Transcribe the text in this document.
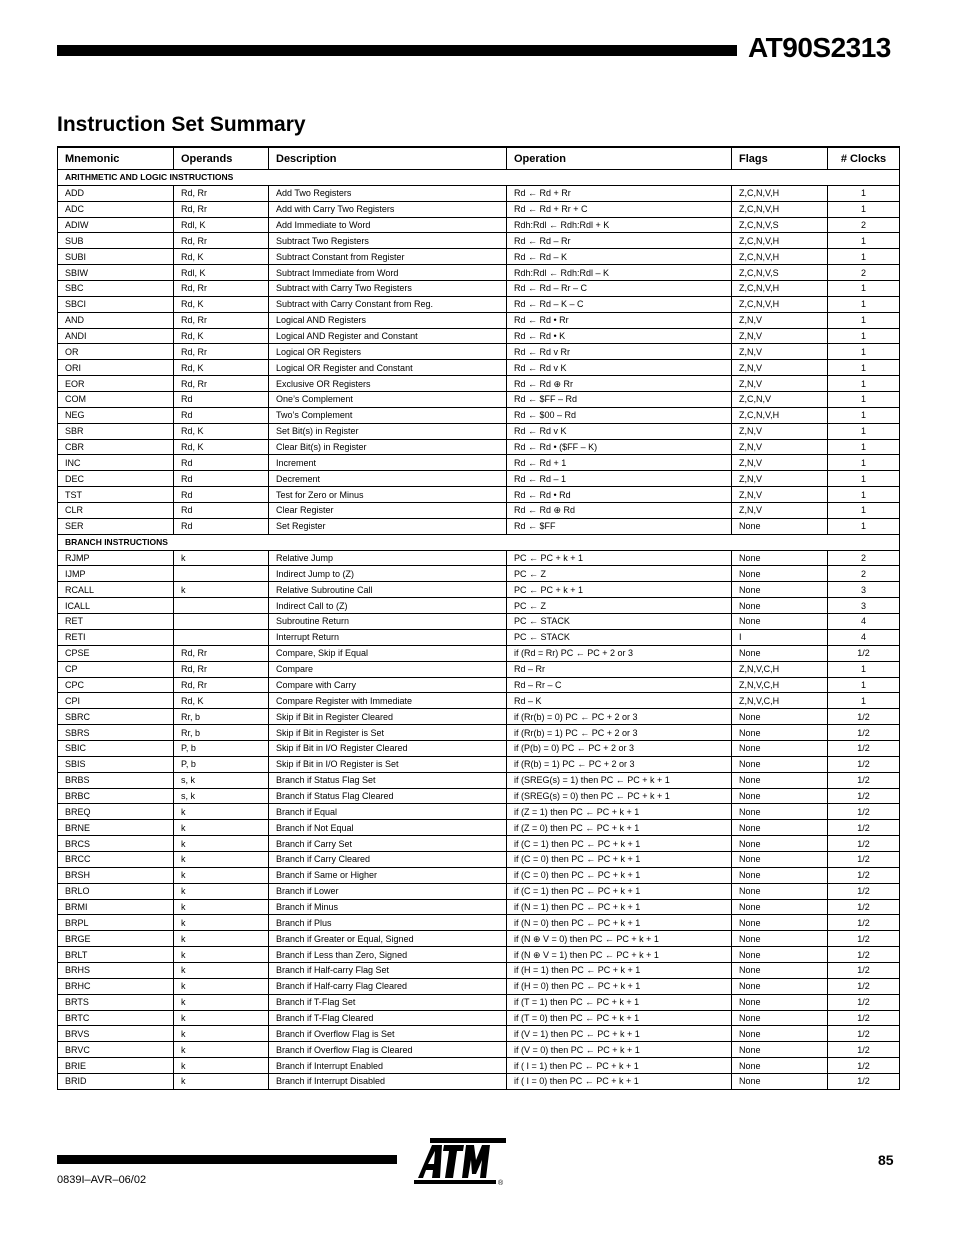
AT90S2313
Instruction Set Summary
Mnemonic	Operands	Description	Operation	Flags	# Clocks
ARITHMETIC AND LOGIC INSTRUCTIONS					
ADD	Rd, Rr	Add Two Registers	Rd ← Rd + Rr	Z,C,N,V,H	1
ADC	Rd, Rr	Add with Carry Two Registers	Rd ← Rd + Rr + C	Z,C,N,V,H	1
ADIW	Rdl, K	Add Immediate to Word	Rdh:Rdl ← Rdh:Rdl + K	Z,C,N,V,S	2
SUB	Rd, Rr	Subtract Two Registers	Rd ← Rd – Rr	Z,C,N,V,H	1
SUBI	Rd, K	Subtract Constant from Register	Rd ← Rd – K	Z,C,N,V,H	1
SBIW	Rdl, K	Subtract Immediate from Word	Rdh:Rdl ← Rdh:Rdl – K	Z,C,N,V,S	2
SBC	Rd, Rr	Subtract with Carry Two Registers	Rd ← Rd – Rr – C	Z,C,N,V,H	1
SBCI	Rd, K	Subtract with Carry Constant from Reg.	Rd ← Rd – K – C	Z,C,N,V,H	1
AND	Rd, Rr	Logical AND Registers	Rd ← Rd • Rr	Z,N,V	1
ANDI	Rd, K	Logical AND Register and Constant	Rd ← Rd • K	Z,N,V	1
OR	Rd, Rr	Logical OR Registers	Rd ← Rd v Rr	Z,N,V	1
ORI	Rd, K	Logical OR Register and Constant	Rd ← Rd v K	Z,N,V	1
EOR	Rd, Rr	Exclusive OR Registers	Rd ← Rd ⊕ Rr	Z,N,V	1
COM	Rd	One’s Complement	Rd ← $FF – Rd	Z,C,N,V	1
NEG	Rd	Two’s Complement	Rd ← $00 – Rd	Z,C,N,V,H	1
SBR	Rd, K	Set Bit(s) in Register	Rd ← Rd v K	Z,N,V	1
CBR	Rd, K	Clear Bit(s) in Register	Rd ← Rd • ($FF – K)	Z,N,V	1
INC	Rd	Increment	Rd ← Rd + 1	Z,N,V	1
DEC	Rd	Decrement	Rd ← Rd – 1	Z,N,V	1
TST	Rd	Test for Zero or Minus	Rd ← Rd • Rd	Z,N,V	1
CLR	Rd	Clear Register	Rd ← Rd ⊕ Rd	Z,N,V	1
SER	Rd	Set Register	Rd ← $FF	None	1
BRANCH INSTRUCTIONS					
RJMP	k	Relative Jump	PC ← PC + k + 1	None	2
IJMP		Indirect Jump to (Z)	PC ← Z	None	2
RCALL	k	Relative Subroutine Call	PC ← PC + k + 1	None	3
ICALL		Indirect Call to (Z)	PC ← Z	None	3
RET		Subroutine Return	PC ← STACK	None	4
RETI		Interrupt Return	PC ← STACK	I	4
CPSE	Rd, Rr	Compare, Skip if Equal	if (Rd = Rr) PC ← PC + 2 or 3	None	1/2
CP	Rd, Rr	Compare	Rd – Rr	Z,N,V,C,H	1
CPC	Rd, Rr	Compare with Carry	Rd – Rr – C	Z,N,V,C,H	1
CPI	Rd, K	Compare Register with Immediate	Rd – K	Z,N,V,C,H	1
SBRC	Rr, b	Skip if Bit in Register Cleared	if (Rr(b) = 0) PC ← PC + 2 or 3	None	1/2
SBRS	Rr, b	Skip if Bit in Register is Set	if (Rr(b) = 1) PC ← PC + 2 or 3	None	1/2
SBIC	P, b	Skip if Bit in I/O Register Cleared	if (P(b) = 0) PC ← PC + 2 or 3	None	1/2
SBIS	P, b	Skip if Bit in I/O Register is Set	if (R(b) = 1) PC ← PC + 2 or 3	None	1/2
BRBS	s, k	Branch if Status Flag Set	if (SREG(s) = 1) then PC ← PC + k + 1	None	1/2
BRBC	s, k	Branch if Status Flag Cleared	if (SREG(s) = 0) then PC ← PC + k + 1	None	1/2
BREQ	k	Branch if Equal	if (Z = 1) then PC ← PC + k + 1	None	1/2
BRNE	k	Branch if Not Equal	if (Z = 0) then PC ← PC + k + 1	None	1/2
BRCS	k	Branch if Carry Set	if (C = 1) then PC ← PC + k + 1	None	1/2
BRCC	k	Branch if Carry Cleared	if (C = 0) then PC ← PC + k + 1	None	1/2
BRSH	k	Branch if Same or Higher	if (C = 0) then PC ← PC + k + 1	None	1/2
BRLO	k	Branch if Lower	if (C = 1) then PC ← PC + k + 1	None	1/2
BRMI	k	Branch if Minus	if (N = 1) then PC ← PC + k + 1	None	1/2
BRPL	k	Branch if Plus	if (N = 0) then PC ← PC + k + 1	None	1/2
BRGE	k	Branch if Greater or Equal, Signed	if (N ⊕ V = 0) then PC ← PC + k + 1	None	1/2
BRLT	k	Branch if Less than Zero, Signed	if (N ⊕ V = 1) then PC ← PC + k + 1	None	1/2
BRHS	k	Branch if Half-carry Flag Set	if (H = 1) then PC ← PC + k + 1	None	1/2
BRHC	k	Branch if Half-carry Flag Cleared	if (H = 0) then PC ← PC + k + 1	None	1/2
BRTS	k	Branch if T-Flag Set	if (T = 1) then PC ← PC + k + 1	None	1/2
BRTC	k	Branch if T-Flag Cleared	if (T = 0) then PC ← PC + k + 1	None	1/2
BRVS	k	Branch if Overflow Flag is Set	if (V = 1) then PC ← PC + k + 1	None	1/2
BRVC	k	Branch if Overflow Flag is Cleared	if (V = 0) then PC ← PC + k + 1	None	1/2
BRIE	k	Branch if Interrupt Enabled	if ( I = 1) then PC ← PC + k + 1	None	1/2
BRID	k	Branch if Interrupt Disabled	if ( I = 0) then PC ← PC + k + 1	None	1/2
0839I–AVR–06/02
85
®
